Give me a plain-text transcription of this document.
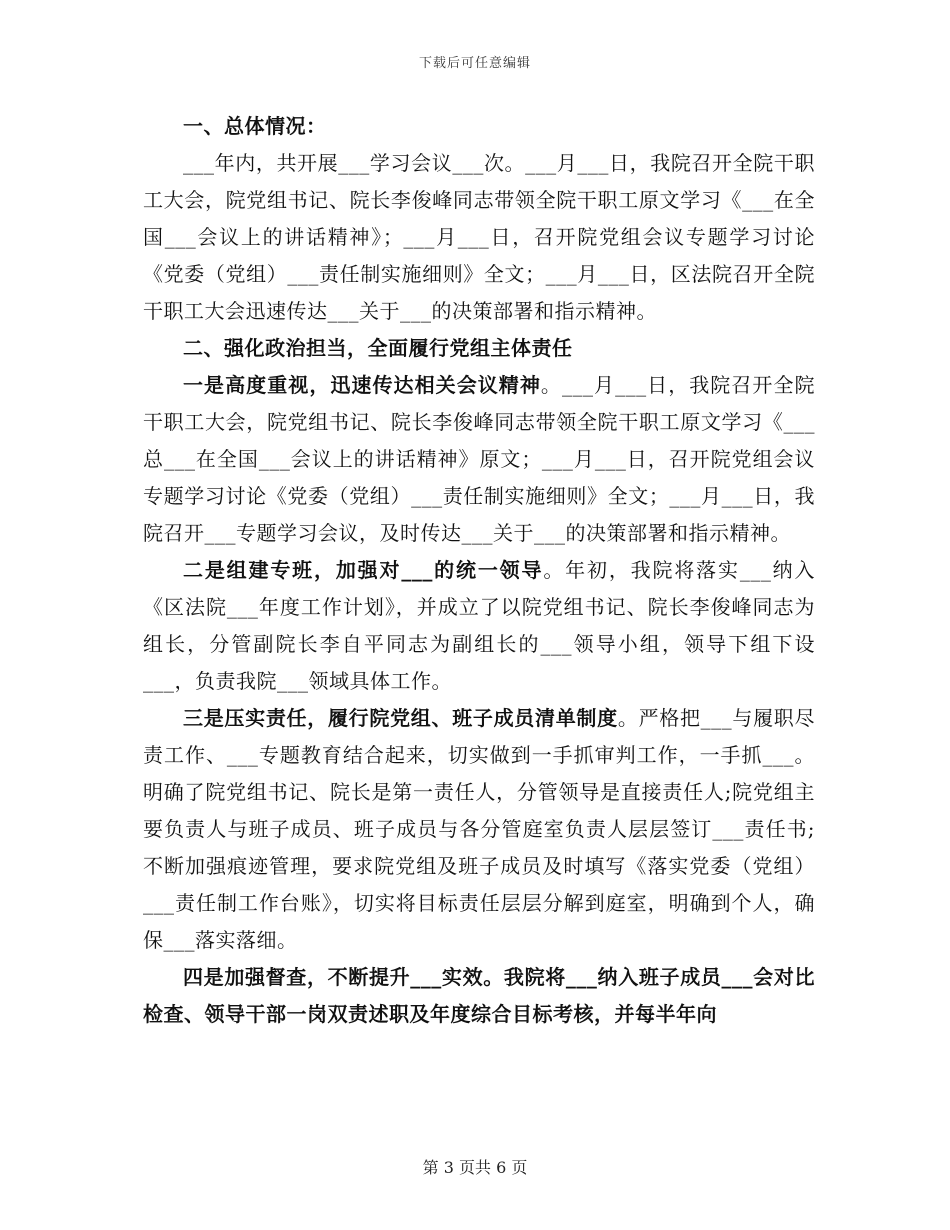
下载后可任意编辑

一、总体情况：

___年内，共开展___学习会议___次。___月___日，我院召开全院干职工大会，院党组书记、院长李俊峰同志带领全院干职工原文学习《___在全国___会议上的讲话精神》；___月___日，召开院党组会议专题学习讨论《党委（党组）___责任制实施细则》全文；___月___日，区法院召开全院干职工大会迅速传达___关于___的决策部署和指示精神。

二、强化政治担当，全面履行党组主体责任

一是高度重视，迅速传达相关会议精神。___月___日，我院召开全院干职工大会，院党组书记、院长李俊峰同志带领全院干职工原文学习《___总___在全国___会议上的讲话精神》原文；___月___日，召开院党组会议专题学习讨论《党委（党组）___责任制实施细则》全文；___月___日，我院召开___专题学习会议，及时传达___关于___的决策部署和指示精神。

二是组建专班，加强对___的统一领导。年初，我院将落实___纳入《区法院___年度工作计划》，并成立了以院党组书记、院长李俊峰同志为组长，分管副院长李自平同志为副组长的___领导小组，领导下组下设___，负责我院___领域具体工作。

三是压实责任，履行院党组、班子成员清单制度。严格把___与履职尽责工作、___专题教育结合起来，切实做到一手抓审判工作，一手抓___。明确了院党组书记、院长是第一责任人，分管领导是直接责任人;院党组主要负责人与班子成员、班子成员与各分管庭室负责人层层签订___责任书;不断加强痕迹管理，要求院党组及班子成员及时填写《落实党委（党组）___责任制工作台账》，切实将目标责任层层分解到庭室，明确到个人，确保___落实落细。

四是加强督查，不断提升___实效。我院将___纳入班子成员___会对比检查、领导干部一岗双责述职及年度综合目标考核，并每半年向

第 3 页共 6 页
